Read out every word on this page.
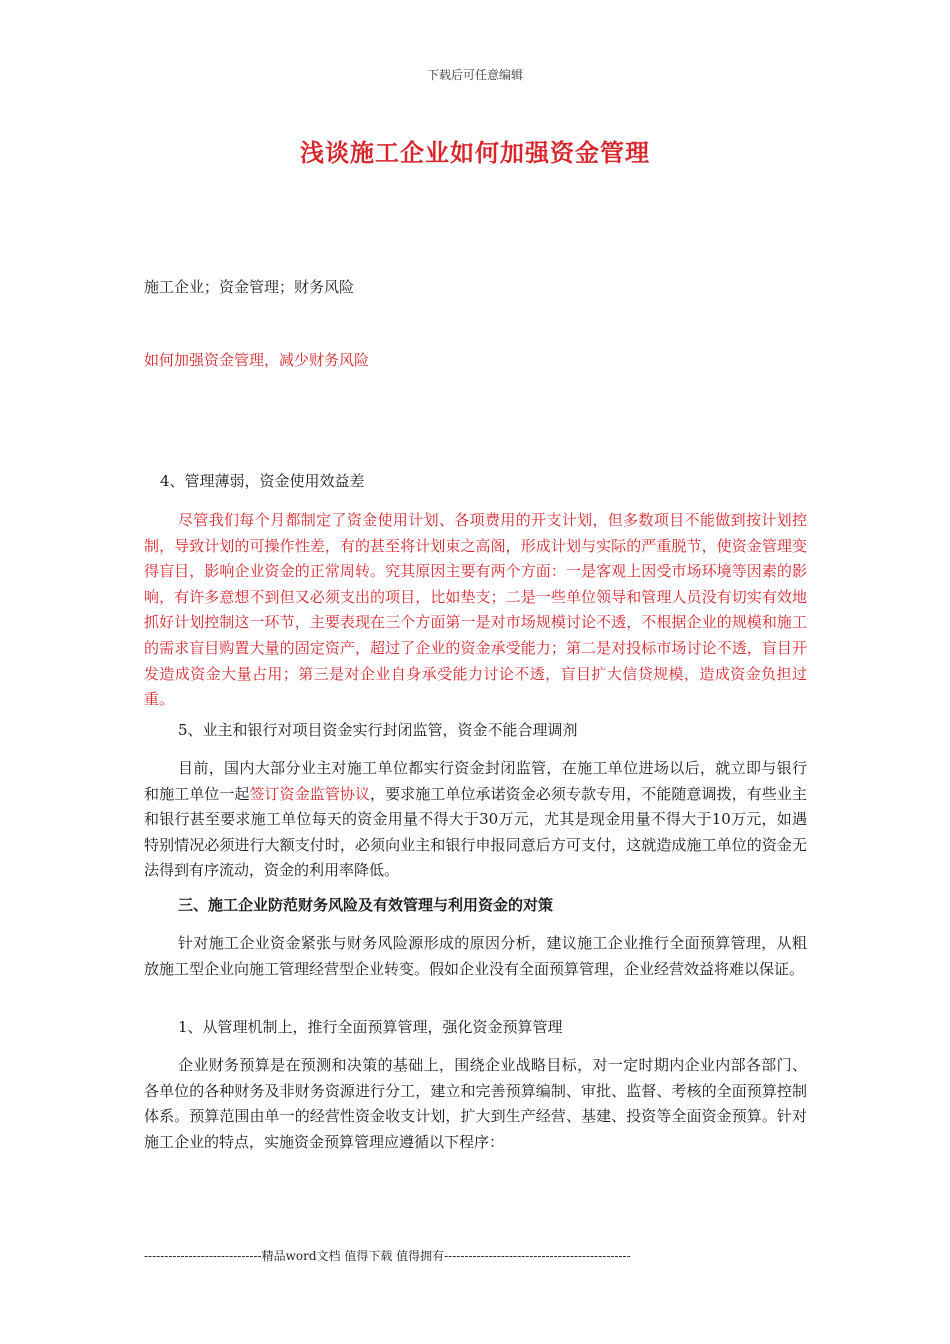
下载后可任意编辑
浅谈施工企业如何加强资金管理
施工企业；资金管理；财务风险
如何加强资金管理，减少财务风险
4、管理薄弱，资金使用效益差
尽管我们每个月都制定了资金使用计划、各项费用的开支计划，但多数项目不能做到按计划控制，导致计划的可操作性差，有的甚至将计划束之高阁，形成计划与实际的严重脱节，使资金管理变得盲目，影响企业资金的正常周转。究其原因主要有两个方面：一是客观上因受市场环境等因素的影响，有许多意想不到但又必须支出的项目，比如垫支；二是一些单位领导和管理人员没有切实有效地抓好计划控制这一环节，主要表现在三个方面第一是对市场规模讨论不透，不根据企业的规模和施工的需求盲目购置大量的固定资产，超过了企业的资金承受能力；第二是对投标市场讨论不透，盲目开发造成资金大量占用；第三是对企业自身承受能力讨论不透，盲目扩大信贷规模，造成资金负担过重。
5、业主和银行对项目资金实行封闭监管，资金不能合理调剂
目前，国内大部分业主对施工单位都实行资金封闭监管，在施工单位进场以后，就立即与银行和施工单位一起签订资金监管协议，要求施工单位承诺资金必须专款专用，不能随意调拨，有些业主和银行甚至要求施工单位每天的资金用量不得大于30万元，尤其是现金用量不得大于10万元，如遇特别情况必须进行大额支付时，必须向业主和银行申报同意后方可支付，这就造成施工单位的资金无法得到有序流动，资金的利用率降低。
三、施工企业防范财务风险及有效管理与利用资金的对策
针对施工企业资金紧张与财务风险源形成的原因分析，建议施工企业推行全面预算管理，从粗放施工型企业向施工管理经营型企业转变。假如企业没有全面预算管理，企业经营效益将难以保证。
1、从管理机制上，推行全面预算管理，强化资金预算管理
企业财务预算是在预测和决策的基础上，围绕企业战略目标，对一定时期内企业内部各部门、各单位的各种财务及非财务资源进行分工，建立和完善预算编制、审批、监督、考核的全面预算控制体系。预算范围由单一的经营性资金收支计划，扩大到生产经营、基建、投资等全面资金预算。针对施工企业的特点，实施资金预算管理应遵循以下程序：
-----------------------------精品word文档 值得下载 值得拥有----------------------------------------------
